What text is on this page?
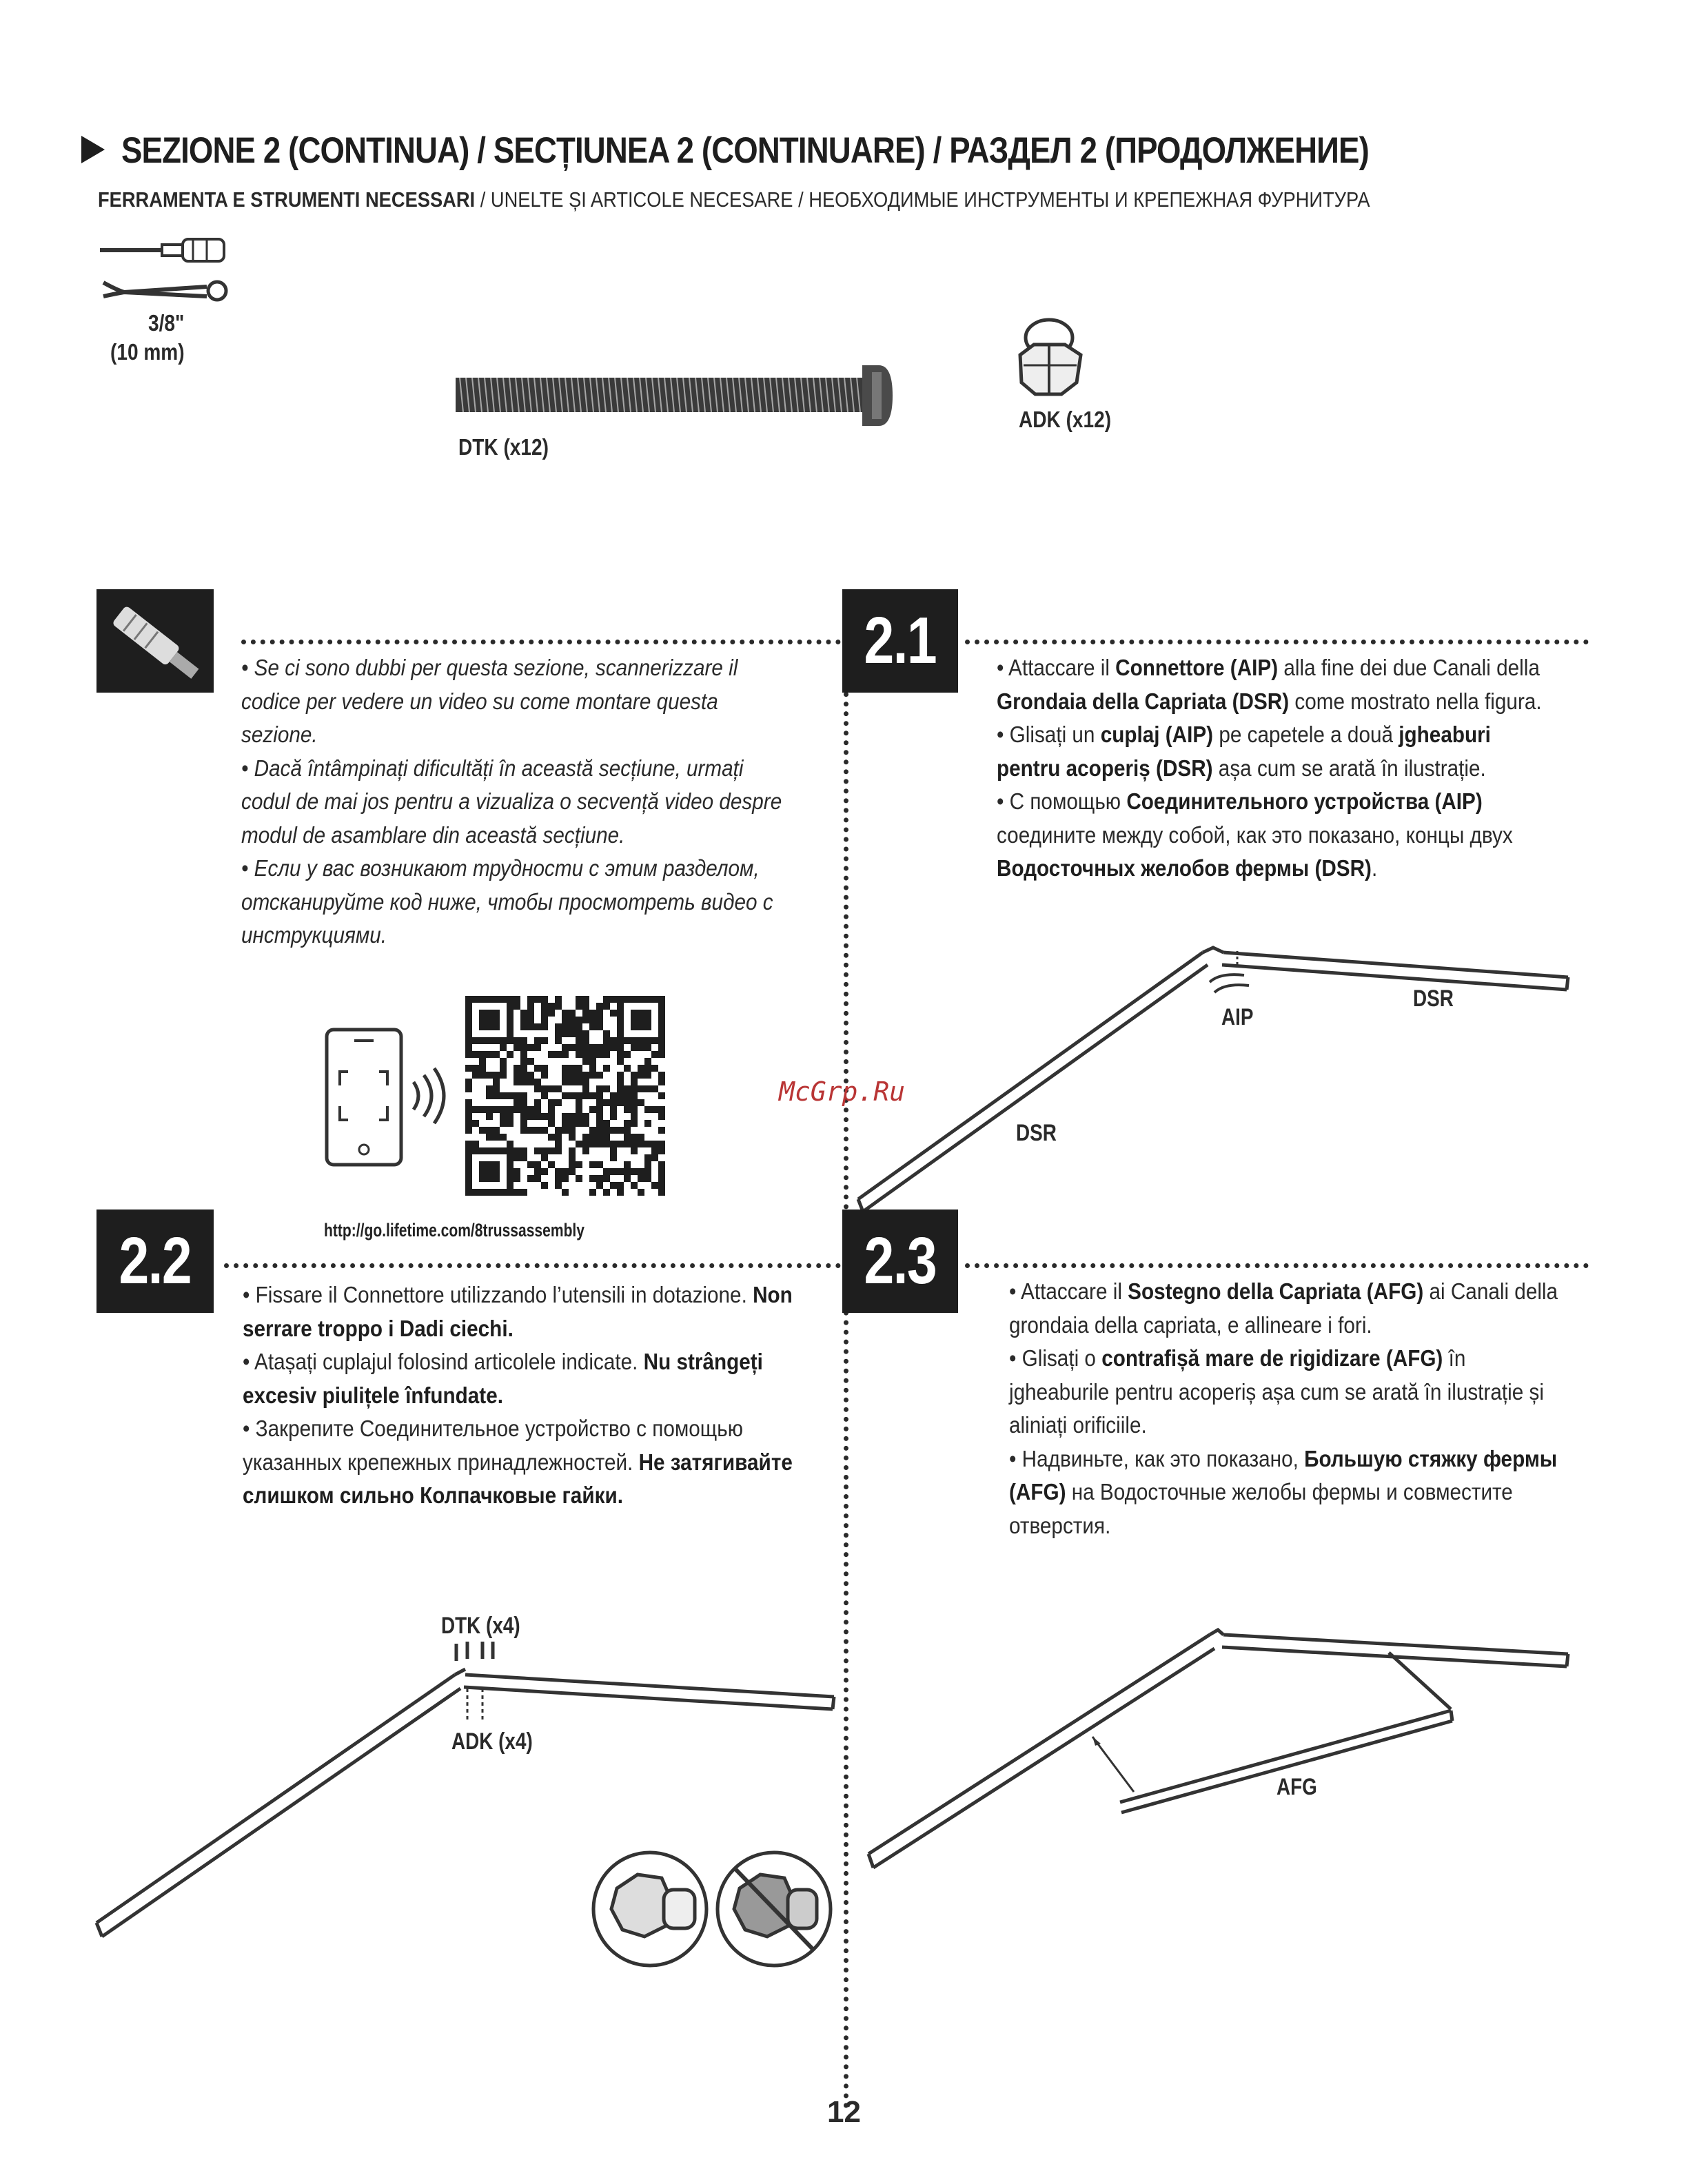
SEZIONE 2 (CONTINUA) / SECȚIUNEA 2 (CONTINUARE) / РАЗДЕЛ 2 (ПРОДОЛЖЕНИЕ)
FERRAMENTA E STRUMENTI NECESSARI / UNELTE ȘI ARTICOLE NECESARE / НЕОБХОДИМЫЕ ИНСТРУМЕНТЫ И КРЕПЕЖНАЯ ФУРНИТУРА
3/8"
(10 mm)
DTK (x12)
ADK (x12)

• Se ci sono dubbi per questa sezione, scannerizzare il codice per vedere un video su come montare questa sezione.

• Dacă întâmpinați dificultăți în această secțiune, urmați codul de mai jos pentru a vizualiza o secvență video despre modul de asamblare din această secțiune.

• Если у вас возникают трудности с этим разделом, отсканируйте код ниже, чтобы просмотреть видео с инструкциями.

http://go.lifetime.com/8trussassembly
McGrp.Ru
2.1	• Attaccare il Connettore (AIP) alla fine dei due Canali della Grondaia della Capriata (DSR) come mostrato nella figura.

• Glisați un cuplaj (AIP) pe capetele a două jgheaburi pentru acoperiș (DSR) așa cum se arată în ilustrație.

• С помощью Соединительного устройства (AIP) соедините между собой, как это показано, концы двух Водосточных желобов фермы (DSR).

AIP
DSR
DSR
2.2 • Fissare il Connettore utilizzando l’utensili in dotazione. Non serrare troppo i Dadi ciechi.

• Atașați cuplajul folosind articolele indicate. Nu strângeți excesiv piulițele înfundate.

• Закрепите Соединительное устройство с помощью указанных крепежных принадлежностей. Не затягивайте слишком сильно Колпачковые гайки.

DTK (x4)
ADK (x4)
2.3	• Attaccare il Sostegno della Capriata (AFG) ai Canali della grondaia della capriata, e allineare i fori.

• Glisați o contrafișă mare de rigidizare (AFG) în jgheaburile pentru acoperiș așa cum se arată în ilustrație și aliniați orificiile.

• Надвиньте, как это показано, Большую стяжку фермы (AFG) на Водосточные желобы фермы и совместите отверстия.

AFG
12
